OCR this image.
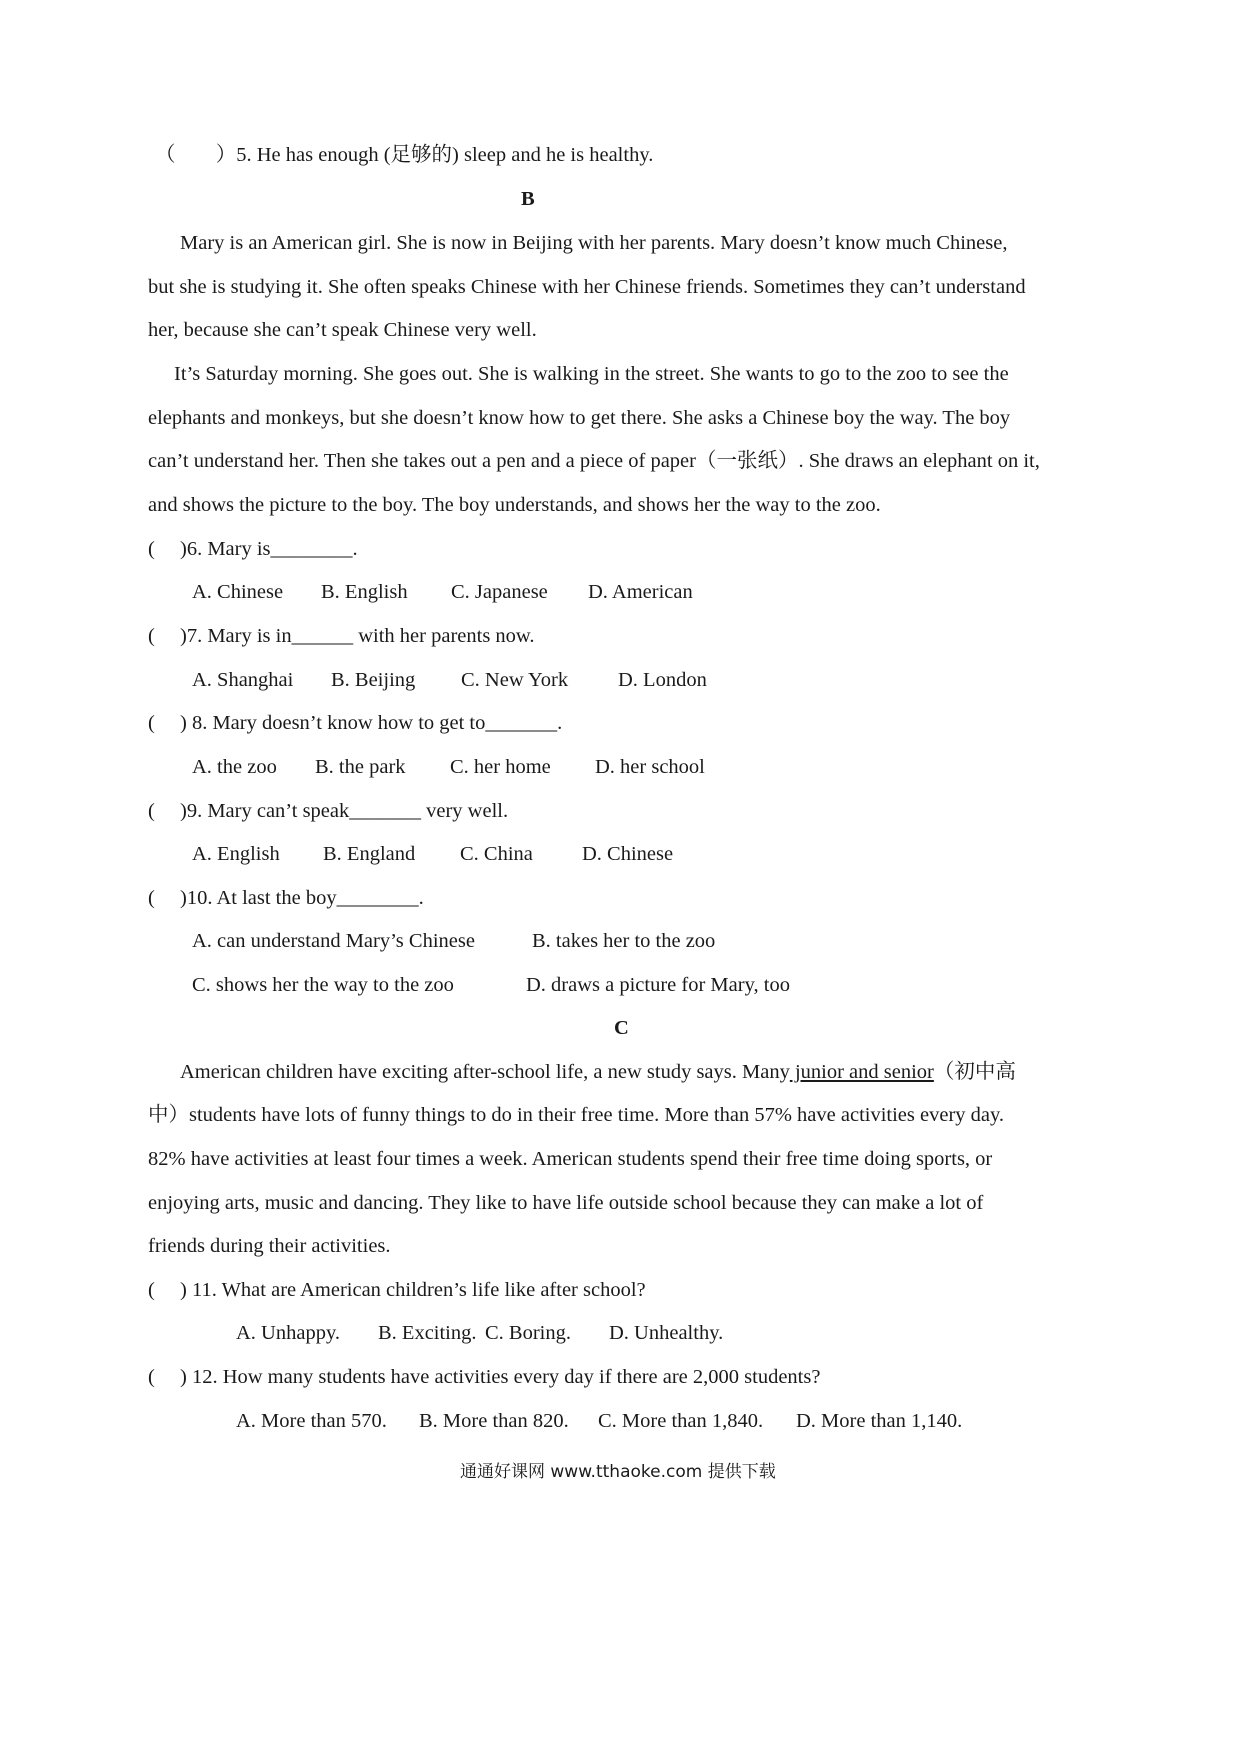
（ ）5. He has enough (足够的) sleep and he is healthy.
B
Mary is an American girl. She is now in Beijing with her parents. Mary doesn’t know much Chinese,
but she is studying it. She often speaks Chinese with her Chinese friends. Sometimes they can’t understand
her, because she can’t speak Chinese very well.
It’s Saturday morning. She goes out. She is walking in the street. She wants to go to the zoo to see the
elephants and monkeys, but she doesn’t know how to get there. She asks a Chinese boy the way. The boy
can’t understand her. Then she takes out a pen and a piece of paper（一张纸）. She draws an elephant on it,
and shows the picture to the boy. The boy understands, and shows her the way to the zoo.
( )6. Mary is________.
A. Chinese B. English C. Japanese D. American
( )7. Mary is in______ with her parents now.
A. Shanghai B. Beijing C. New York D. London
( ) 8. Mary doesn’t know how to get to_______.
A. the zoo B. the park C. her home D. her school
( )9. Mary can’t speak_______ very well.
A. English B. England C. China D. Chinese
( )10. At last the boy________.
A. can understand Mary’s Chinese	B. takes her to the zoo
C. shows her the way to the zoo	D. draws a picture for Mary, too
C
American children have exciting after-school life, a new study says. Many junior and senior（初中高
中）students have lots of funny things to do in their free time. More than 57% have activities every day.
82% have activities at least four times a week. American students spend their free time doing sports, or
enjoying arts, music and dancing. They like to have life outside school because they can make a lot of
friends during their activities.
( ) 11. What are American children’s life like after school?
A. Unhappy. B. Exciting. C. Boring. D. Unhealthy.
( ) 12. How many students have activities every day if there are 2,000 students?
A. More than 570. B. More than 820. C. More than 1,840. D. More than 1,140.
通通好课网 www.tthaoke.com 提供下载
